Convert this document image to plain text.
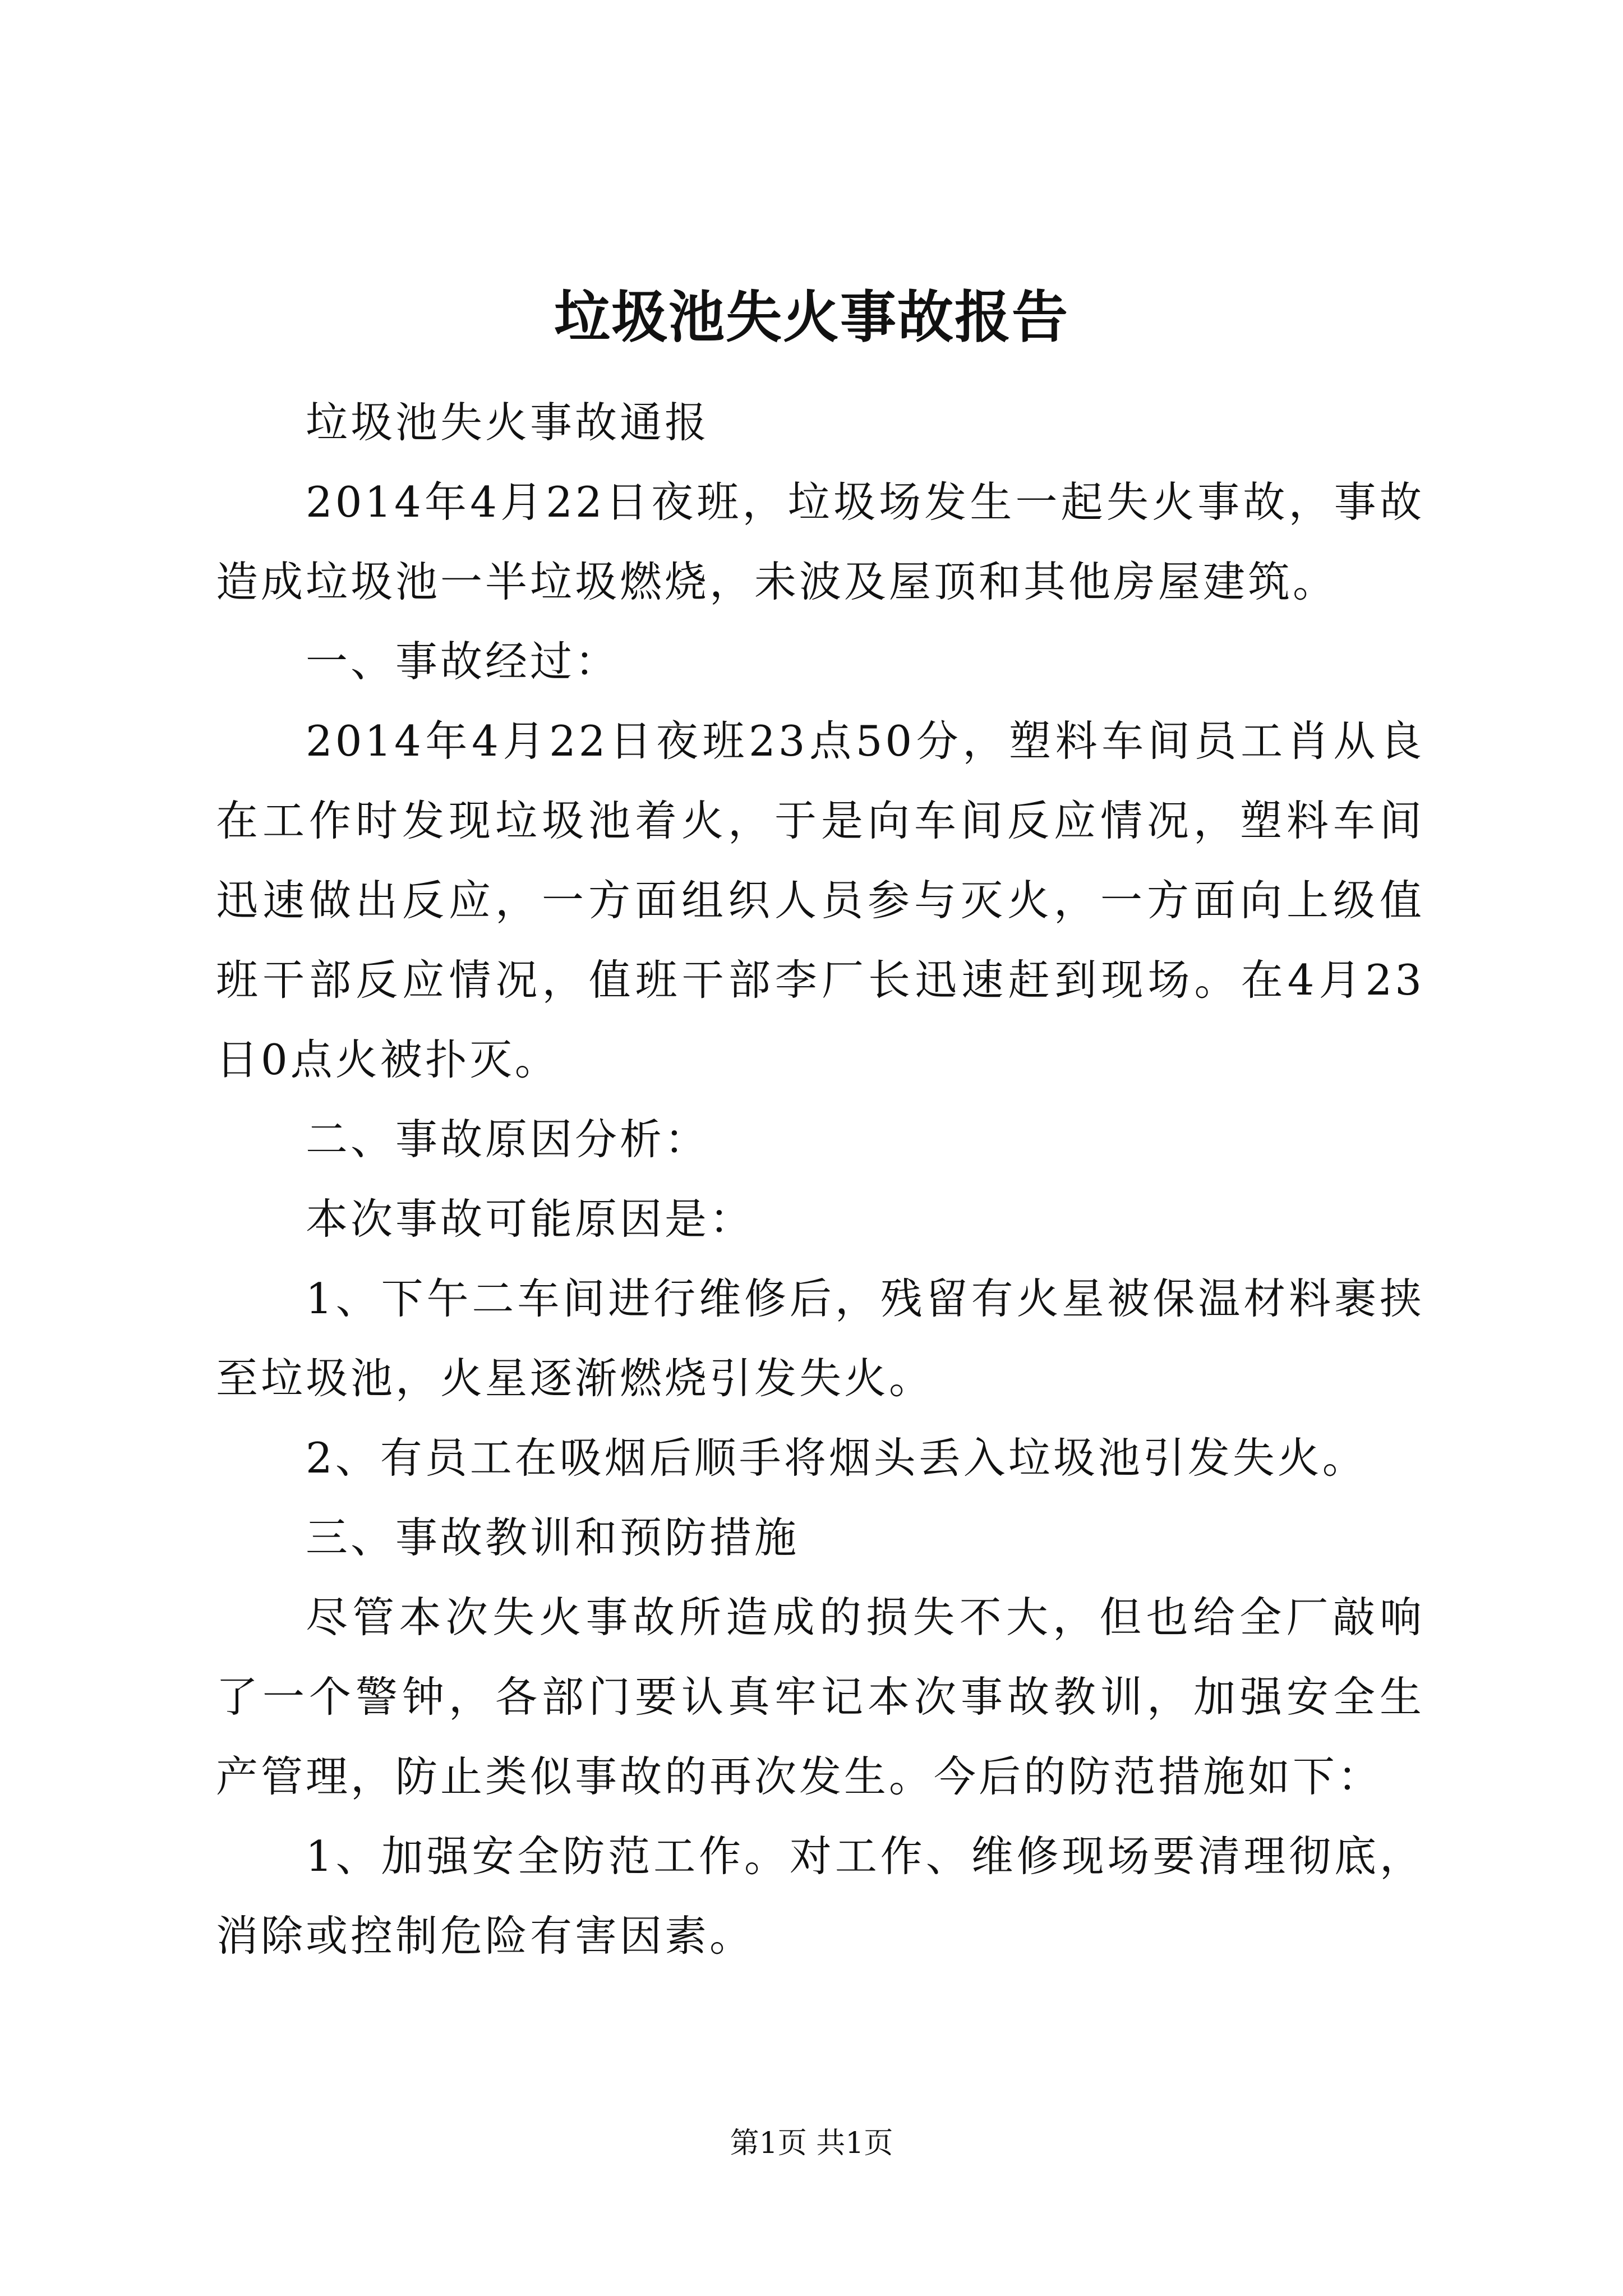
垃圾池失火事故报告

垃圾池失火事故通报

2014年4月22日夜班，垃圾场发生一起失火事故，事故造成垃圾池一半垃圾燃烧，未波及屋顶和其他房屋建筑。

一、事故经过：

2014年4月22日夜班23点50分，塑料车间员工肖从良在工作时发现垃圾池着火，于是向车间反应情况，塑料车间迅速做出反应，一方面组织人员参与灭火，一方面向上级值班干部反应情况，值班干部李厂长迅速赶到现场。在4月23日0点火被扑灭。

二、事故原因分析：

本次事故可能原因是：

1、下午二车间进行维修后，残留有火星被保温材料裹挟至垃圾池，火星逐渐燃烧引发失火。

2、有员工在吸烟后顺手将烟头丢入垃圾池引发失火。

三、事故教训和预防措施

尽管本次失火事故所造成的损失不大，但也给全厂敲响了一个警钟，各部门要认真牢记本次事故教训，加强安全生产管理，防止类似事故的再次发生。今后的防范措施如下：

1、加强安全防范工作。对工作、维修现场要清理彻底，消除或控制危险有害因素。

第1页 共1页
